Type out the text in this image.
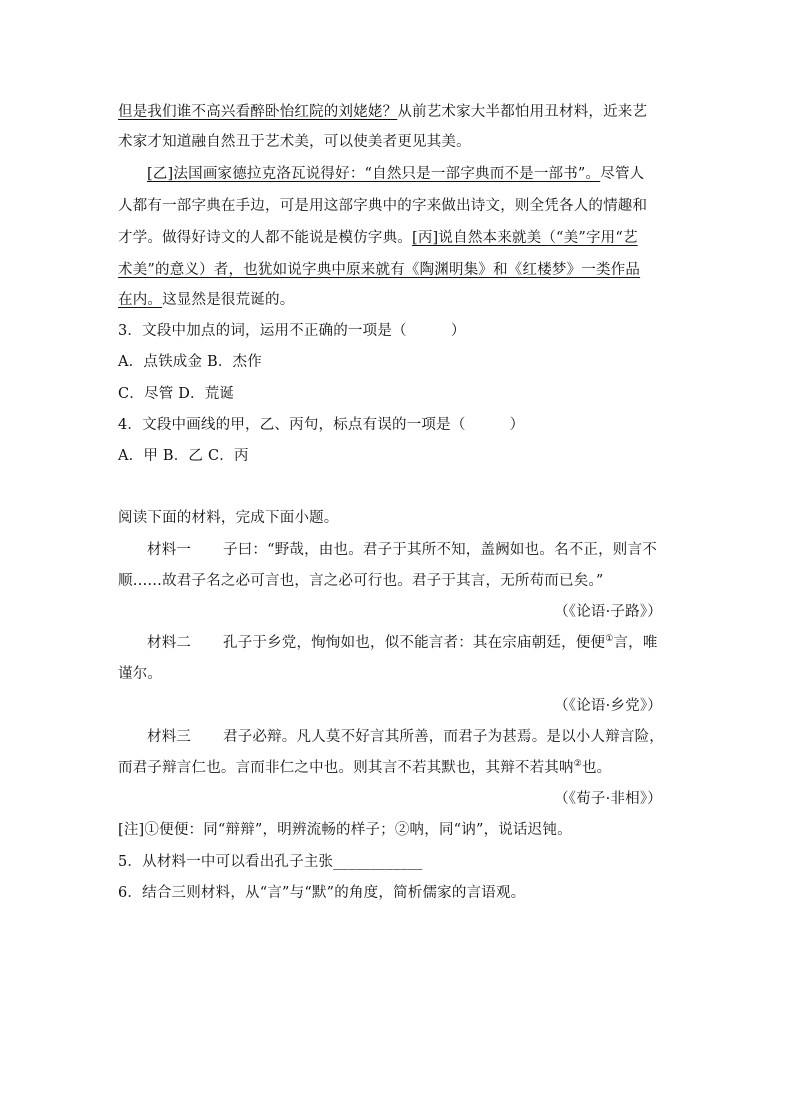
但是我们谁不高兴看醉卧怡红院的刘姥姥？从前艺术家大半都怕用丑材料，近来艺
术家才知道融自然丑于艺术美，可以使美者更见其美。
[乙]法国画家德拉克洛瓦说得好：“自然只是一部字典而不是一部书”。尽管人
人都有一部字典在手边，可是用这部字典中的字来做出诗文，则全凭各人的情趣和
才学。做得好诗文的人都不能说是模仿字典。[丙]说自然本来就美（“美”字用“艺
术美”的意义）者，也犹如说字典中原来就有《陶渊明集》和《红楼梦》一类作品
在内。这显然是很荒诞的。
3．文段中加点的词，运用不正确的一项是（　　　）
A．点铁成金 B．杰作
C．尽管 D．荒诞
4．文段中画线的甲，乙、丙句，标点有误的一项是（　　　）
A．甲 B．乙 C．丙
阅读下面的材料，完成下面小题。
材料一 子曰：“野哉，由也。君子于其所不知，盖阙如也。名不正，则言不
顺……故君子名之必可言也，言之必可行也。君子于其言，无所苟而已矣。”
（《论语·子路》）
材料二 孔子于乡党，恂恂如也，似不能言者：其在宗庙朝廷，便便①言，唯
谨尔。
（《论语·乡党》）
材料三 君子必辩。凡人莫不好言其所善，而君子为甚焉。是以小人辩言险，
而君子辩言仁也。言而非仁之中也。则其言不若其默也，其辩不若其呐②也。
（《荀子·非相》）
[注]①便便：同“辩辩”，明辨流畅的样子；②呐，同“讷”，说话迟钝。
5．从材料一中可以看出孔子主张____________
6．结合三则材料，从“言”与“默”的角度，简析儒家的言语观。
